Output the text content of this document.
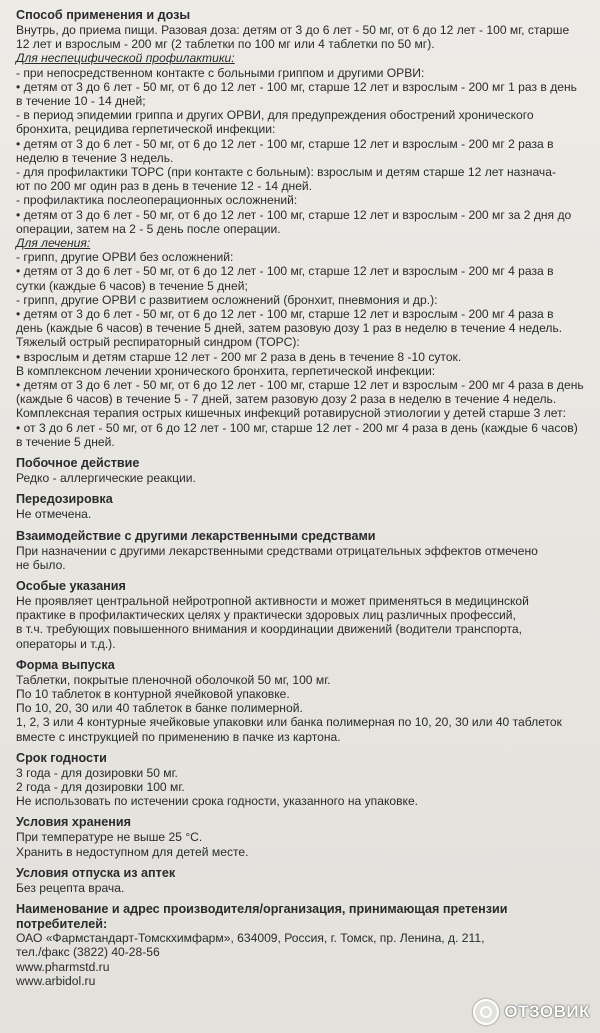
Способ применения и дозы
Внутрь, до приема пищи. Разовая доза: детям от 3 до 6 лет - 50 мг, от 6 до 12 лет - 100 мг, старше
12 лет и взрослым - 200 мг (2 таблетки по 100 мг или 4 таблетки по 50 мг).
Для неспецифической профилактики:
- при непосредственном контакте с больными гриппом и другими ОРВИ:
• детям от 3 до 6 лет - 50 мг, от 6 до 12 лет - 100 мг, старше 12 лет и взрослым - 200 мг 1 раз в день
в течение 10 - 14 дней;
- в период эпидемии гриппа и других ОРВИ, для предупреждения обострений хронического
бронхита, рецидива герпетической инфекции:
• детям от 3 до 6 лет - 50 мг, от 6 до 12 лет - 100 мг, старше 12 лет и взрослым - 200 мг 2 раза в
неделю в течение 3 недель.
- для профилактики ТОРС (при контакте с больным): взрослым и детям старше 12 лет назнача-
ют по 200 мг один раз в день в течение 12 - 14 дней.
- профилактика послеоперационных осложнений:
• детям от 3 до 6 лет - 50 мг, от 6 до 12 лет - 100 мг, старше 12 лет и взрослым - 200 мг за 2 дня до
операции, затем на 2 - 5 день после операции.
Для лечения:
- грипп, другие ОРВИ без осложнений:
• детям от 3 до 6 лет - 50 мг, от 6 до 12 лет - 100 мг, старше 12 лет и взрослым - 200 мг 4 раза в
сутки (каждые 6 часов) в течение 5 дней;
- грипп, другие ОРВИ с развитием осложнений (бронхит, пневмония и др.):
• детям от 3 до 6 лет - 50 мг, от 6 до 12 лет - 100 мг, старше 12 лет и взрослым - 200 мг 4 раза в
день (каждые 6 часов) в течение 5 дней, затем разовую дозу 1 раз в неделю в течение 4 недель.
Тяжелый острый респираторный синдром (ТОРС):
• взрослым и детям старше 12 лет - 200 мг 2 раза в день в течение 8 -10 суток.
В комплексном лечении хронического бронхита, герпетической инфекции:
• детям от 3 до 6 лет - 50 мг, от 6 до 12 лет - 100 мг, старше 12 лет и взрослым - 200 мг 4 раза в день
(каждые 6 часов) в течение 5 - 7 дней, затем разовую дозу 2 раза в неделю в течение 4 недель.
Комплексная терапия острых кишечных инфекций ротавирусной этиологии у детей старше 3 лет:
• от 3 до 6 лет - 50 мг, от 6 до 12 лет - 100 мг, старше 12 лет - 200 мг 4 раза в день (каждые 6 часов)
в течение 5 дней.
Побочное действие
Редко - аллергические реакции.
Передозировка
Не отмечена.
Взаимодействие с другими лекарственными средствами
При назначении с другими лекарственными средствами отрицательных эффектов отмечено
не было.
Особые указания
Не проявляет центральной нейротропной активности и может применяться в медицинской
практике в профилактических целях у практически здоровых лиц различных профессий,
в т.ч. требующих повышенного внимания и координации движений (водители транспорта,
операторы и т.д.).
Форма выпуска
Таблетки, покрытые пленочной оболочкой 50 мг, 100 мг.
По 10 таблеток в контурной ячейковой упаковке.
По 10, 20, 30 или 40 таблеток в банке полимерной.
1, 2, 3 или 4 контурные ячейковые упаковки или банка полимерная по 10, 20, 30 или 40 таблеток
вместе с инструкцией по применению в пачке из картона.
Срок годности
3 года - для дозировки 50 мг.
2 года - для дозировки 100 мг.
Не использовать по истечении срока годности, указанного на упаковке.
Условия хранения
При температуре не выше 25 °С.
Хранить в недоступном для детей месте.
Условия отпуска из аптек
Без рецепта врача.
Наименование и адрес производителя/организация, принимающая претензии
потребителей:
ОАО «Фармстандарт-Томскхимфарм», 634009, Россия, г. Томск, пр. Ленина, д. 211,
тел./факс (3822) 40-28-56
www.pharmstd.ru
www.arbidol.ru
ОТЗОВИК
